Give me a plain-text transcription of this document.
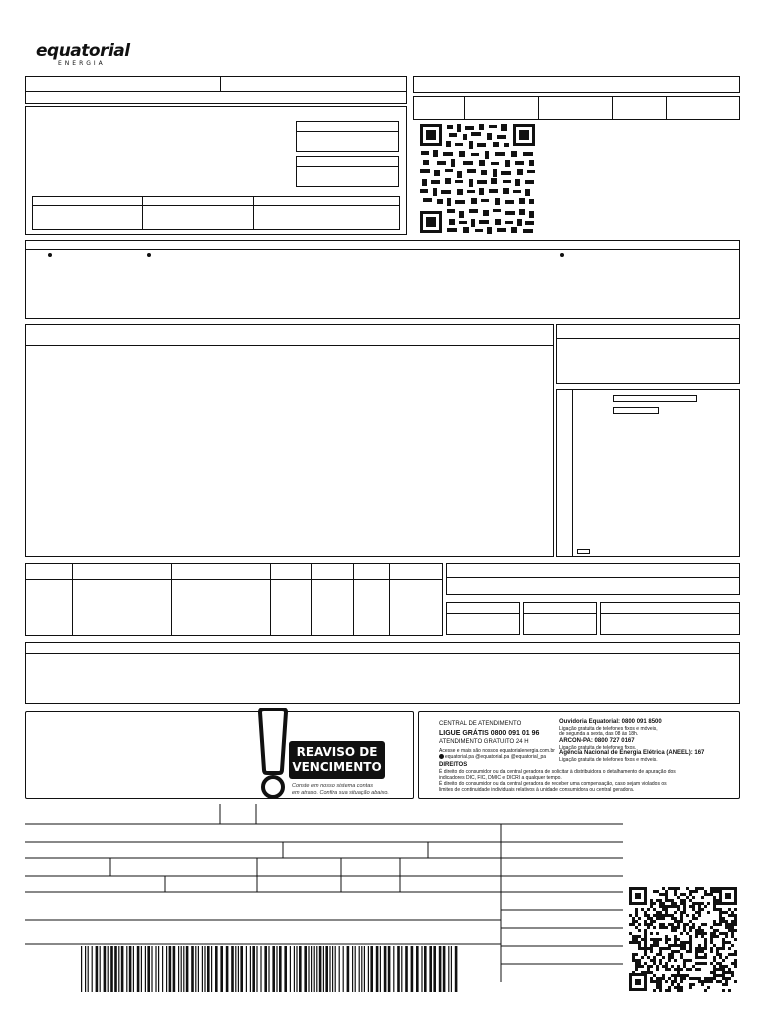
equatorial
ENERGIA
REAVISO DE
VENCIMENTO
Conste em nosso sistema contas
em atraso. Confira sua situação abaixo.
CENTRAL DE ATENDIMENTO
LIGUE GRÁTIS 0800 091 01 96
ATENDIMENTO GRATUITO 24 H
Acesse e mais são nossos equatorialenergia.com.br
equatorial.pa @equatorial.pa @equatorial_pa
Ouvidoria Equatorial: 0800 091 8500
Ligação gratuita de telefones fixos e móveis,
de segunda a sexta, das 08 às 18h.
ARCON-PA: 0800 727 0167
Ligação gratuita de telefones fixos.
Agência Nacional de Energia Elétrica (ANEEL): 167
Ligação gratuita de telefones fixos e móveis.
DIREITOS
É direito do consumidor ou da central geradora de solicitar à distribuidora o detalhamento de apuração dos
indicadores DIC, FIC, DMIC e DICRI a qualquer tempo.
É direito do consumidor ou da central geradora de receber uma compensação, caso sejam violados os
limites de continuidade individuais relativos à unidade consumidora ou central geradora.
